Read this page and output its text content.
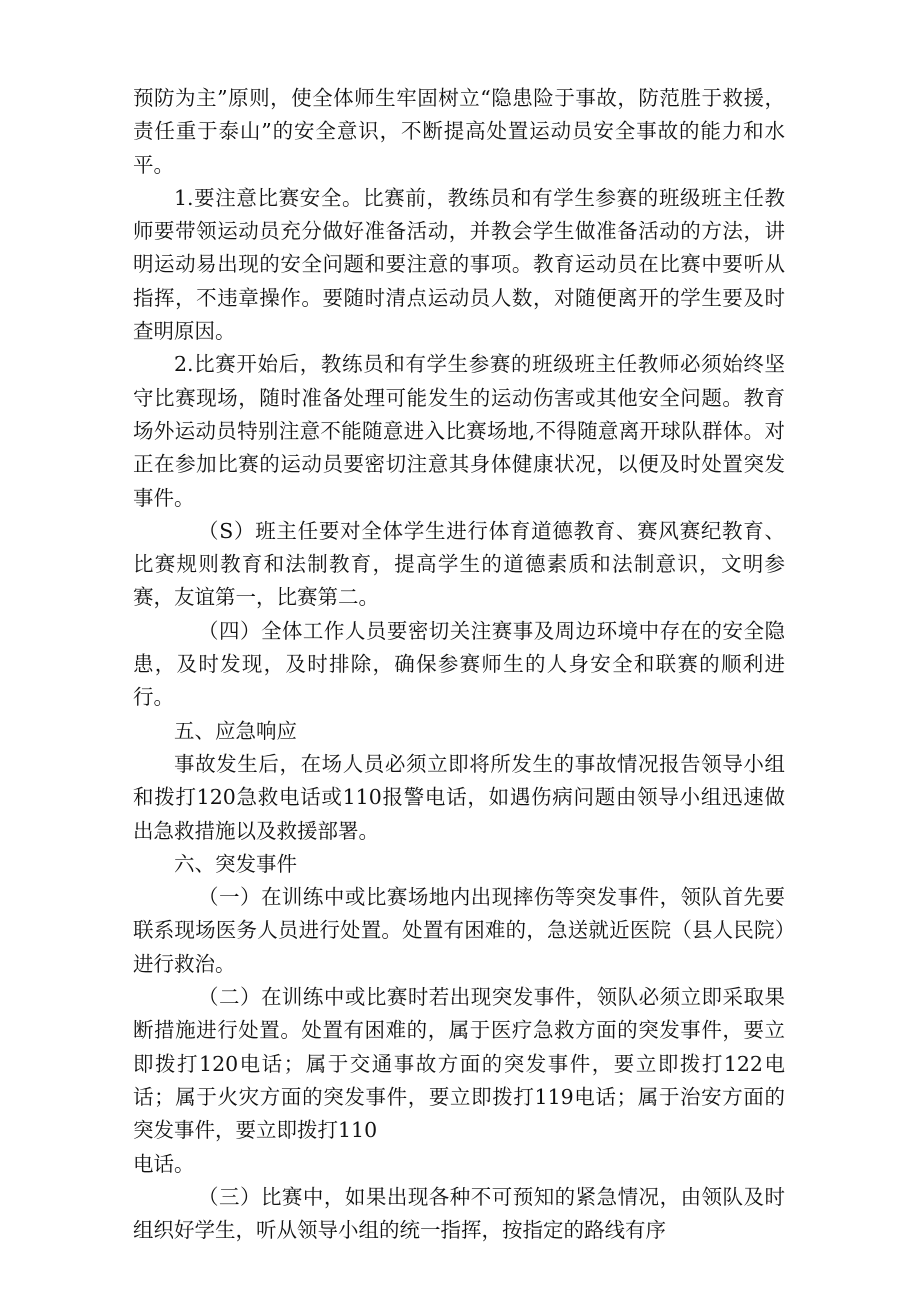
预防为主”原则，使全体师生牢固树立“隐患险于事故，防范胜于救援，责任重于泰山”的安全意识，不断提高处置运动员安全事故的能力和水平。

1.要注意比赛安全。比赛前，教练员和有学生参赛的班级班主任教师要带领运动员充分做好准备活动，并教会学生做准备活动的方法，讲明运动易出现的安全问题和要注意的事项。教育运动员在比赛中要听从指挥，不违章操作。要随时清点运动员人数，对随便离开的学生要及时查明原因。

2.比赛开始后，教练员和有学生参赛的班级班主任教师必须始终坚守比赛现场，随时准备处理可能发生的运动伤害或其他安全问题。教育场外运动员特别注意不能随意进入比赛场地,不得随意离开球队群体。对正在参加比赛的运动员要密切注意其身体健康状况，以便及时处置突发事件。

（S）班主任要对全体学生进行体育道德教育、赛风赛纪教育、比赛规则教育和法制教育，提高学生的道德素质和法制意识，文明参赛，友谊第一，比赛第二。

（四）全体工作人员要密切关注赛事及周边环境中存在的安全隐患，及时发现，及时排除，确保参赛师生的人身安全和联赛的顺利进行。

五、应急响应

事故发生后，在场人员必须立即将所发生的事故情况报告领导小组和拨打120急救电话或110报警电话，如遇伤病问题由领导小组迅速做出急救措施以及救援部署。

六、突发事件

（一）在训练中或比赛场地内出现摔伤等突发事件，领队首先要联系现场医务人员进行处置。处置有困难的，急送就近医院（县人民院）进行救治。

（二）在训练中或比赛时若出现突发事件，领队必须立即采取果断措施进行处置。处置有困难的，属于医疗急救方面的突发事件，要立即拨打120电话；属于交通事故方面的突发事件，要立即拨打122电话；属于火灾方面的突发事件，要立即拨打119电话；属于治安方面的突发事件，要立即拨打110

电话。

（三）比赛中，如果出现各种不可预知的紧急情况，由领队及时组织好学生，听从领导小组的统一指挥，按指定的路线有序
